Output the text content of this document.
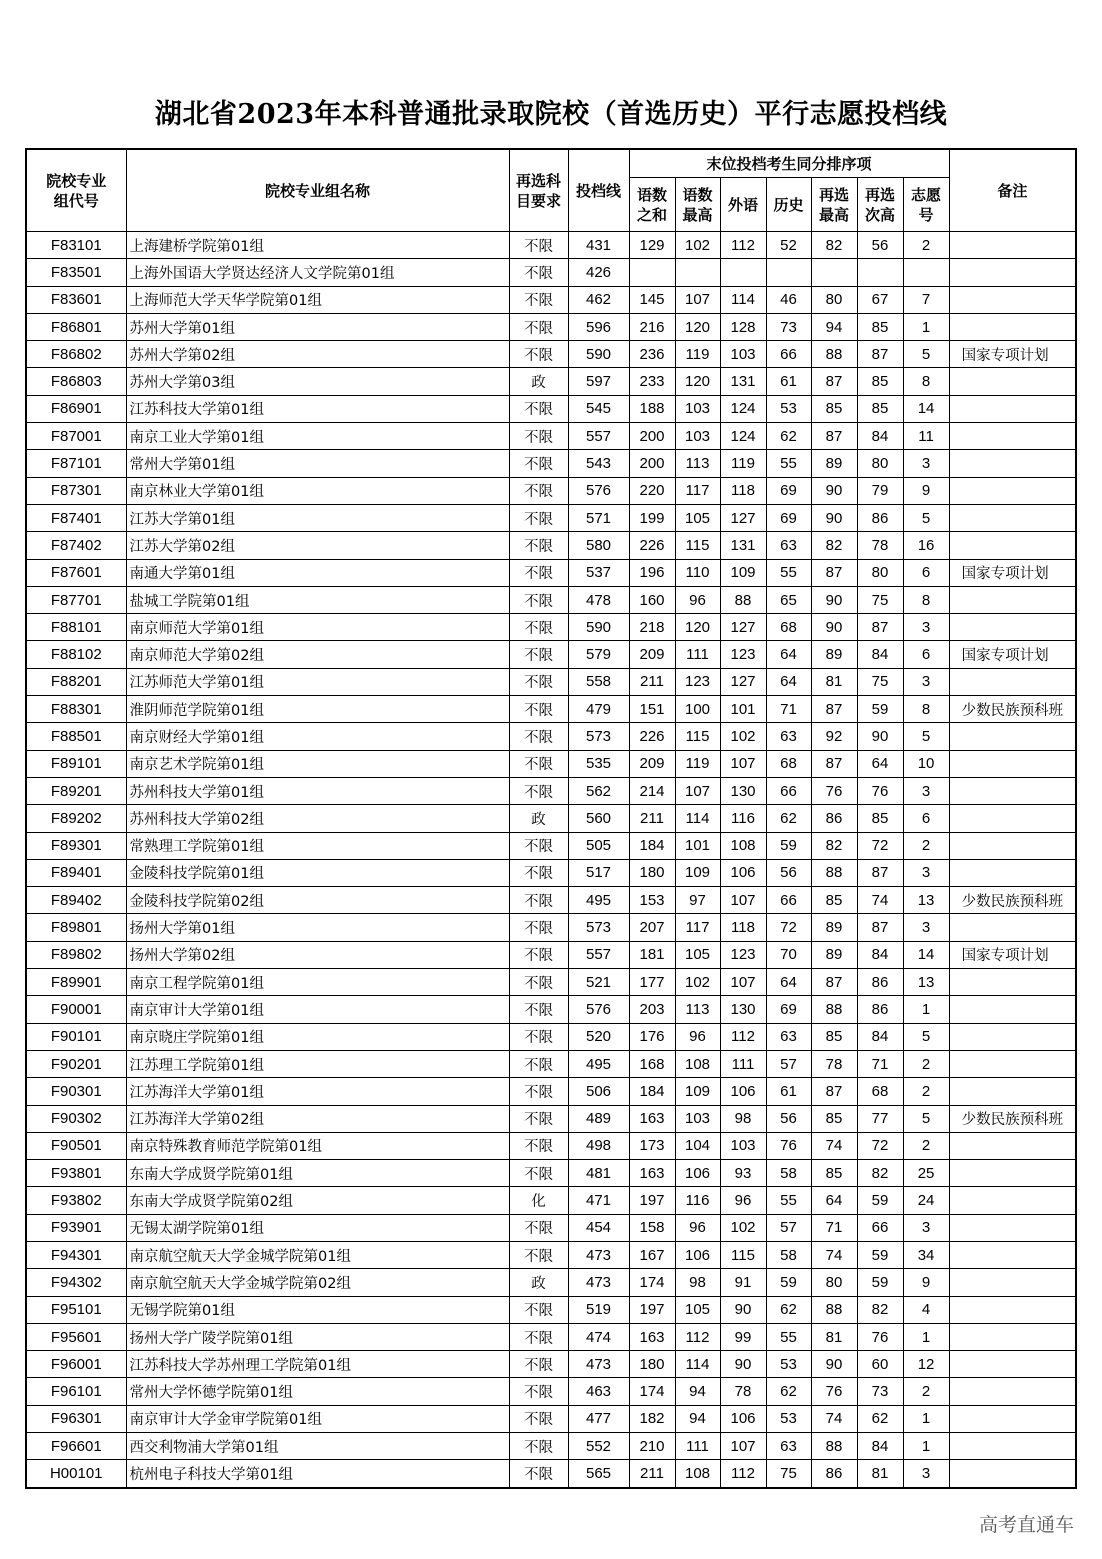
湖北省2023年本科普通批录取院校（首选历史）平行志愿投档线
院校专业组代号	院校专业组名称	再选科目要求	投档线	末位投档考生同分排序项							备注

				语数之和	语数最高	外语	历史	再选最高	再选次高	志愿号	

F83101	上海建桥学院第01组	不限	431	129	102	112	52	82	56	2	
F83501	上海外国语大学贤达经济人文学院第01组	不限	426								
F83601	上海师范大学天华学院第01组	不限	462	145	107	114	46	80	67	7	
F86801	苏州大学第01组	不限	596	216	120	128	73	94	85	1	
F86802	苏州大学第02组	不限	590	236	119	103	66	88	87	5	国家专项计划
F86803	苏州大学第03组	政	597	233	120	131	61	87	85	8	
F86901	江苏科技大学第01组	不限	545	188	103	124	53	85	85	14	
F87001	南京工业大学第01组	不限	557	200	103	124	62	87	84	11	
F87101	常州大学第01组	不限	543	200	113	119	55	89	80	3	
F87301	南京林业大学第01组	不限	576	220	117	118	69	90	79	9	
F87401	江苏大学第01组	不限	571	199	105	127	69	90	86	5	
F87402	江苏大学第02组	不限	580	226	115	131	63	82	78	16	
F87601	南通大学第01组	不限	537	196	110	109	55	87	80	6	国家专项计划
F87701	盐城工学院第01组	不限	478	160	96	88	65	90	75	8	
F88101	南京师范大学第01组	不限	590	218	120	127	68	90	87	3	
F88102	南京师范大学第02组	不限	579	209	111	123	64	89	84	6	国家专项计划
F88201	江苏师范大学第01组	不限	558	211	123	127	64	81	75	3	
F88301	淮阴师范学院第01组	不限	479	151	100	101	71	87	59	8	少数民族预科班
F88501	南京财经大学第01组	不限	573	226	115	102	63	92	90	5	
F89101	南京艺术学院第01组	不限	535	209	119	107	68	87	64	10	
F89201	苏州科技大学第01组	不限	562	214	107	130	66	76	76	3	
F89202	苏州科技大学第02组	政	560	211	114	116	62	86	85	6	
F89301	常熟理工学院第01组	不限	505	184	101	108	59	82	72	2	
F89401	金陵科技学院第01组	不限	517	180	109	106	56	88	87	3	
F89402	金陵科技学院第02组	不限	495	153	97	107	66	85	74	13	少数民族预科班
F89801	扬州大学第01组	不限	573	207	117	118	72	89	87	3	
F89802	扬州大学第02组	不限	557	181	105	123	70	89	84	14	国家专项计划
F89901	南京工程学院第01组	不限	521	177	102	107	64	87	86	13	
F90001	南京审计大学第01组	不限	576	203	113	130	69	88	86	1	
F90101	南京晓庄学院第01组	不限	520	176	96	112	63	85	84	5	
F90201	江苏理工学院第01组	不限	495	168	108	111	57	78	71	2	
F90301	江苏海洋大学第01组	不限	506	184	109	106	61	87	68	2	
F90302	江苏海洋大学第02组	不限	489	163	103	98	56	85	77	5	少数民族预科班
F90501	南京特殊教育师范学院第01组	不限	498	173	104	103	76	74	72	2	
F93801	东南大学成贤学院第01组	不限	481	163	106	93	58	85	82	25	
F93802	东南大学成贤学院第02组	化	471	197	116	96	55	64	59	24	
F93901	无锡太湖学院第01组	不限	454	158	96	102	57	71	66	3	
F94301	南京航空航天大学金城学院第01组	不限	473	167	106	115	58	74	59	34	
F94302	南京航空航天大学金城学院第02组	政	473	174	98	91	59	80	59	9	
F95101	无锡学院第01组	不限	519	197	105	90	62	88	82	4	
F95601	扬州大学广陵学院第01组	不限	474	163	112	99	55	81	76	1	
F96001	江苏科技大学苏州理工学院第01组	不限	473	180	114	90	53	90	60	12	
F96101	常州大学怀德学院第01组	不限	463	174	94	78	62	76	73	2	
F96301	南京审计大学金审学院第01组	不限	477	182	94	106	53	74	62	1	
F96601	西交利物浦大学第01组	不限	552	210	111	107	63	88	84	1	
H00101	杭州电子科技大学第01组	不限	565	211	108	112	75	86	81	3	
高考直通车
